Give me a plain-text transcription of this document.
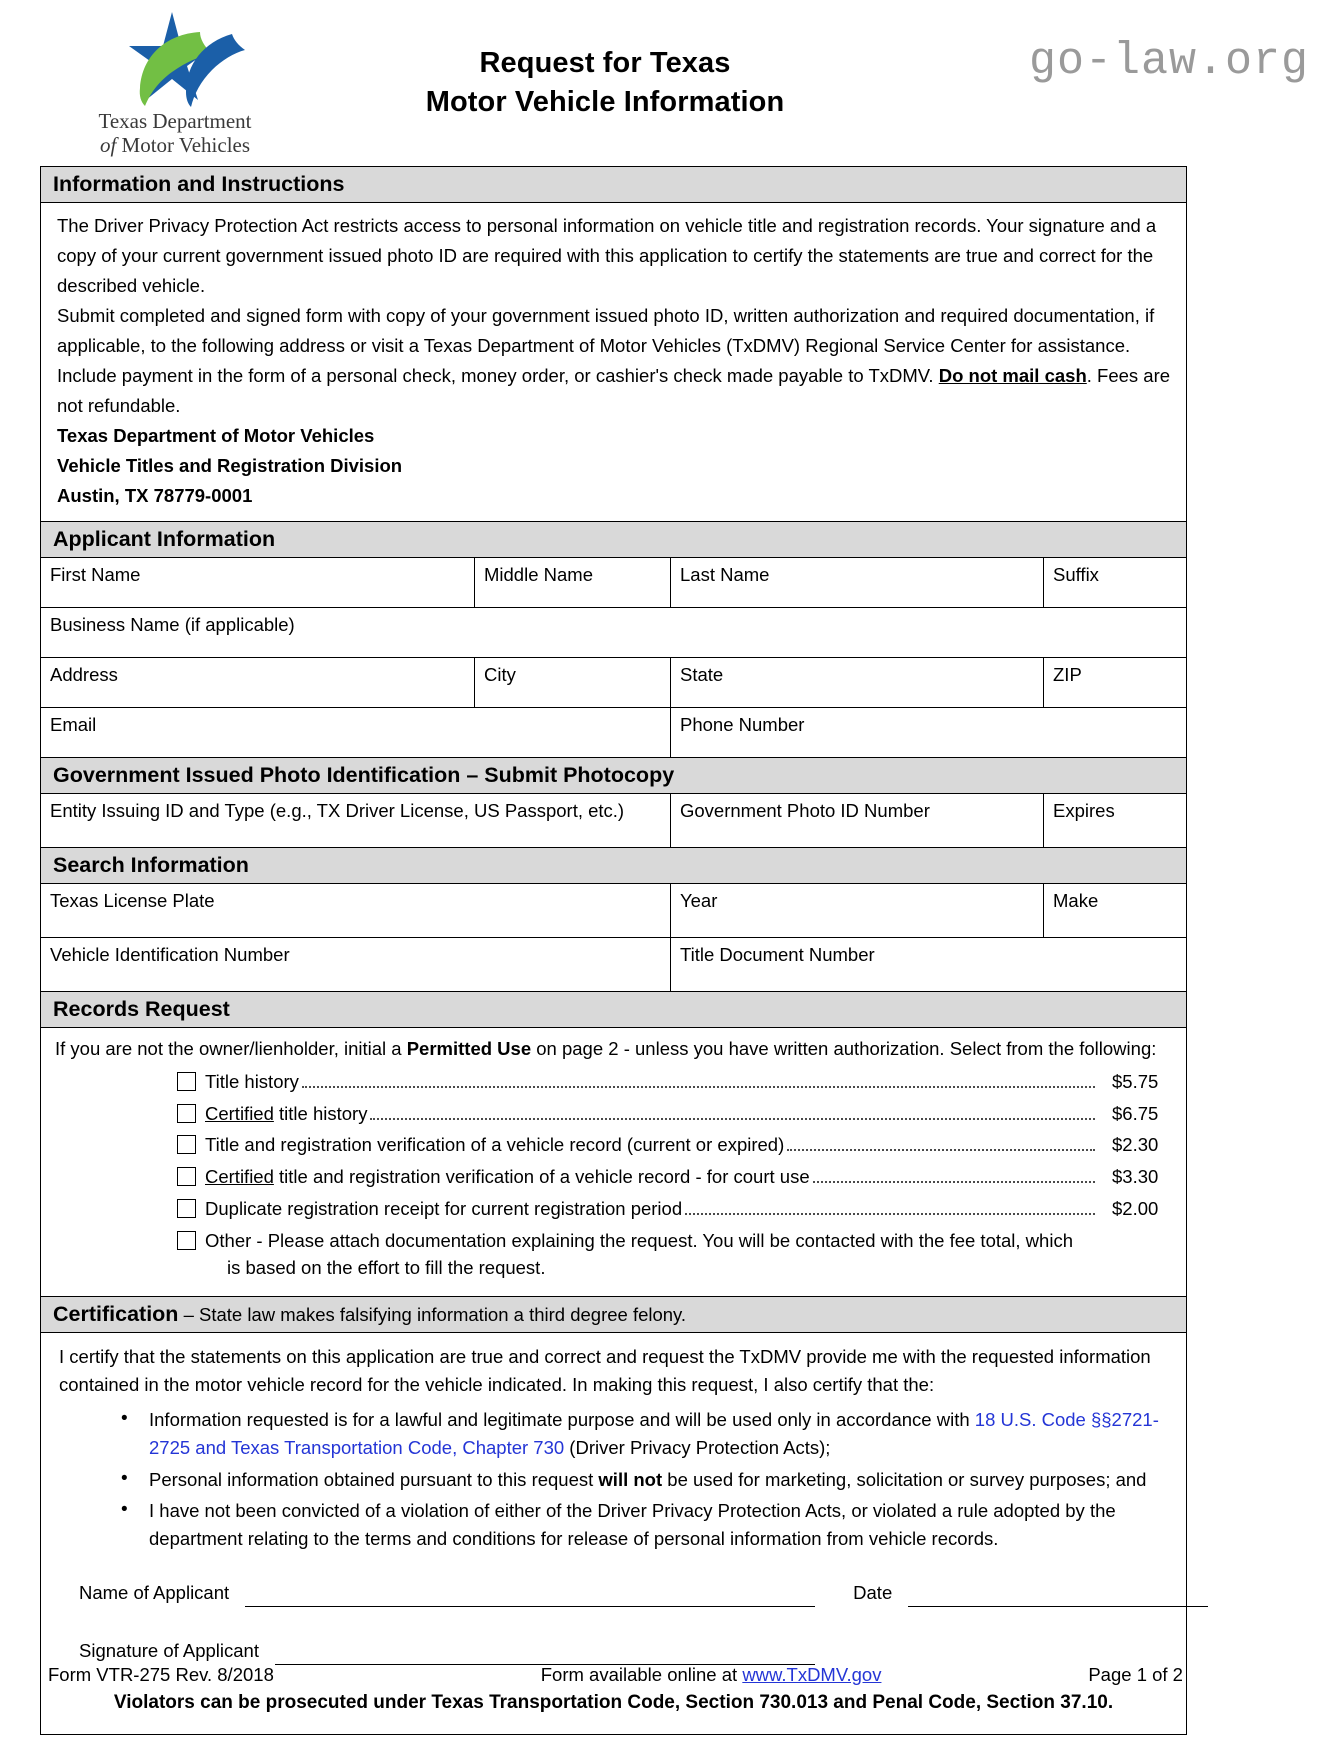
Texas Department
of Motor Vehicles
Request for Texas
Motor Vehicle Information
go-law.org
Information and Instructions

The Driver Privacy Protection Act restricts access to personal information on vehicle title and registration records. Your signature and a copy of your current government issued photo ID are required with this application to certify the statements are true and correct for the described vehicle.

Submit completed and signed form with copy of your government issued photo ID, written authorization and required documentation, if applicable, to the following address or visit a Texas Department of Motor Vehicles (TxDMV) Regional Service Center for assistance.

Include payment in the form of a personal check, money order, or cashier's check made payable to TxDMV. Do not mail cash. Fees are not refundable.

Texas Department of Motor Vehicles

Vehicle Titles and Registration Division

Austin, TX 78779-0001

Applicant Information
First Name	Middle Name	Last Name	Suffix
Business Name (if applicable)
Address	City	State	ZIP
Email	Phone Number
Government Issued Photo Identification – Submit Photocopy
Entity Issuing ID and Type (e.g., TX Driver License, US Passport, etc.)	Government Photo ID Number	Expires
Search Information
Texas License Plate	Year	Make
Vehicle Identification Number	Title Document Number
Records Request

If you are not the owner/lienholder, initial a Permitted Use on page 2 - unless you have written authorization. Select from the following:

Title history	$5.75
Certified title history	$6.75
Title and registration verification of a vehicle record (current or expired)	$2.30
Certified title and registration verification of a vehicle record - for court use	$3.30
Duplicate registration receipt for current registration period	$2.00
Other - Please attach documentation explaining the request. You will be contacted with the fee total, which
is based on the effort to fill the request.
Certification – State law makes falsifying information a third degree felony.

I certify that the statements on this application are true and correct and request the TxDMV provide me with the requested information contained in the motor vehicle record for the vehicle indicated. In making this request, I also certify that the:

• Information requested is for a lawful and legitimate purpose and will be used only in accordance with 18 U.S. Code §§2721-2725 and Texas Transportation Code, Chapter 730 (Driver Privacy Protection Acts);
• Personal information obtained pursuant to this request will not be used for marketing, solicitation or survey purposes; and
• I have not been convicted of a violation of either of the Driver Privacy Protection Acts, or violated a rule adopted by the department relating to the terms and conditions for release of personal information from vehicle records.
Name of Applicant	Date
Signature of Applicant
Violators can be prosecuted under Texas Transportation Code, Section 730.013 and Penal Code, Section 37.10.
Form VTR-275 Rev. 8/2018	Form available online at www.TxDMV.gov	Page 1 of 2
